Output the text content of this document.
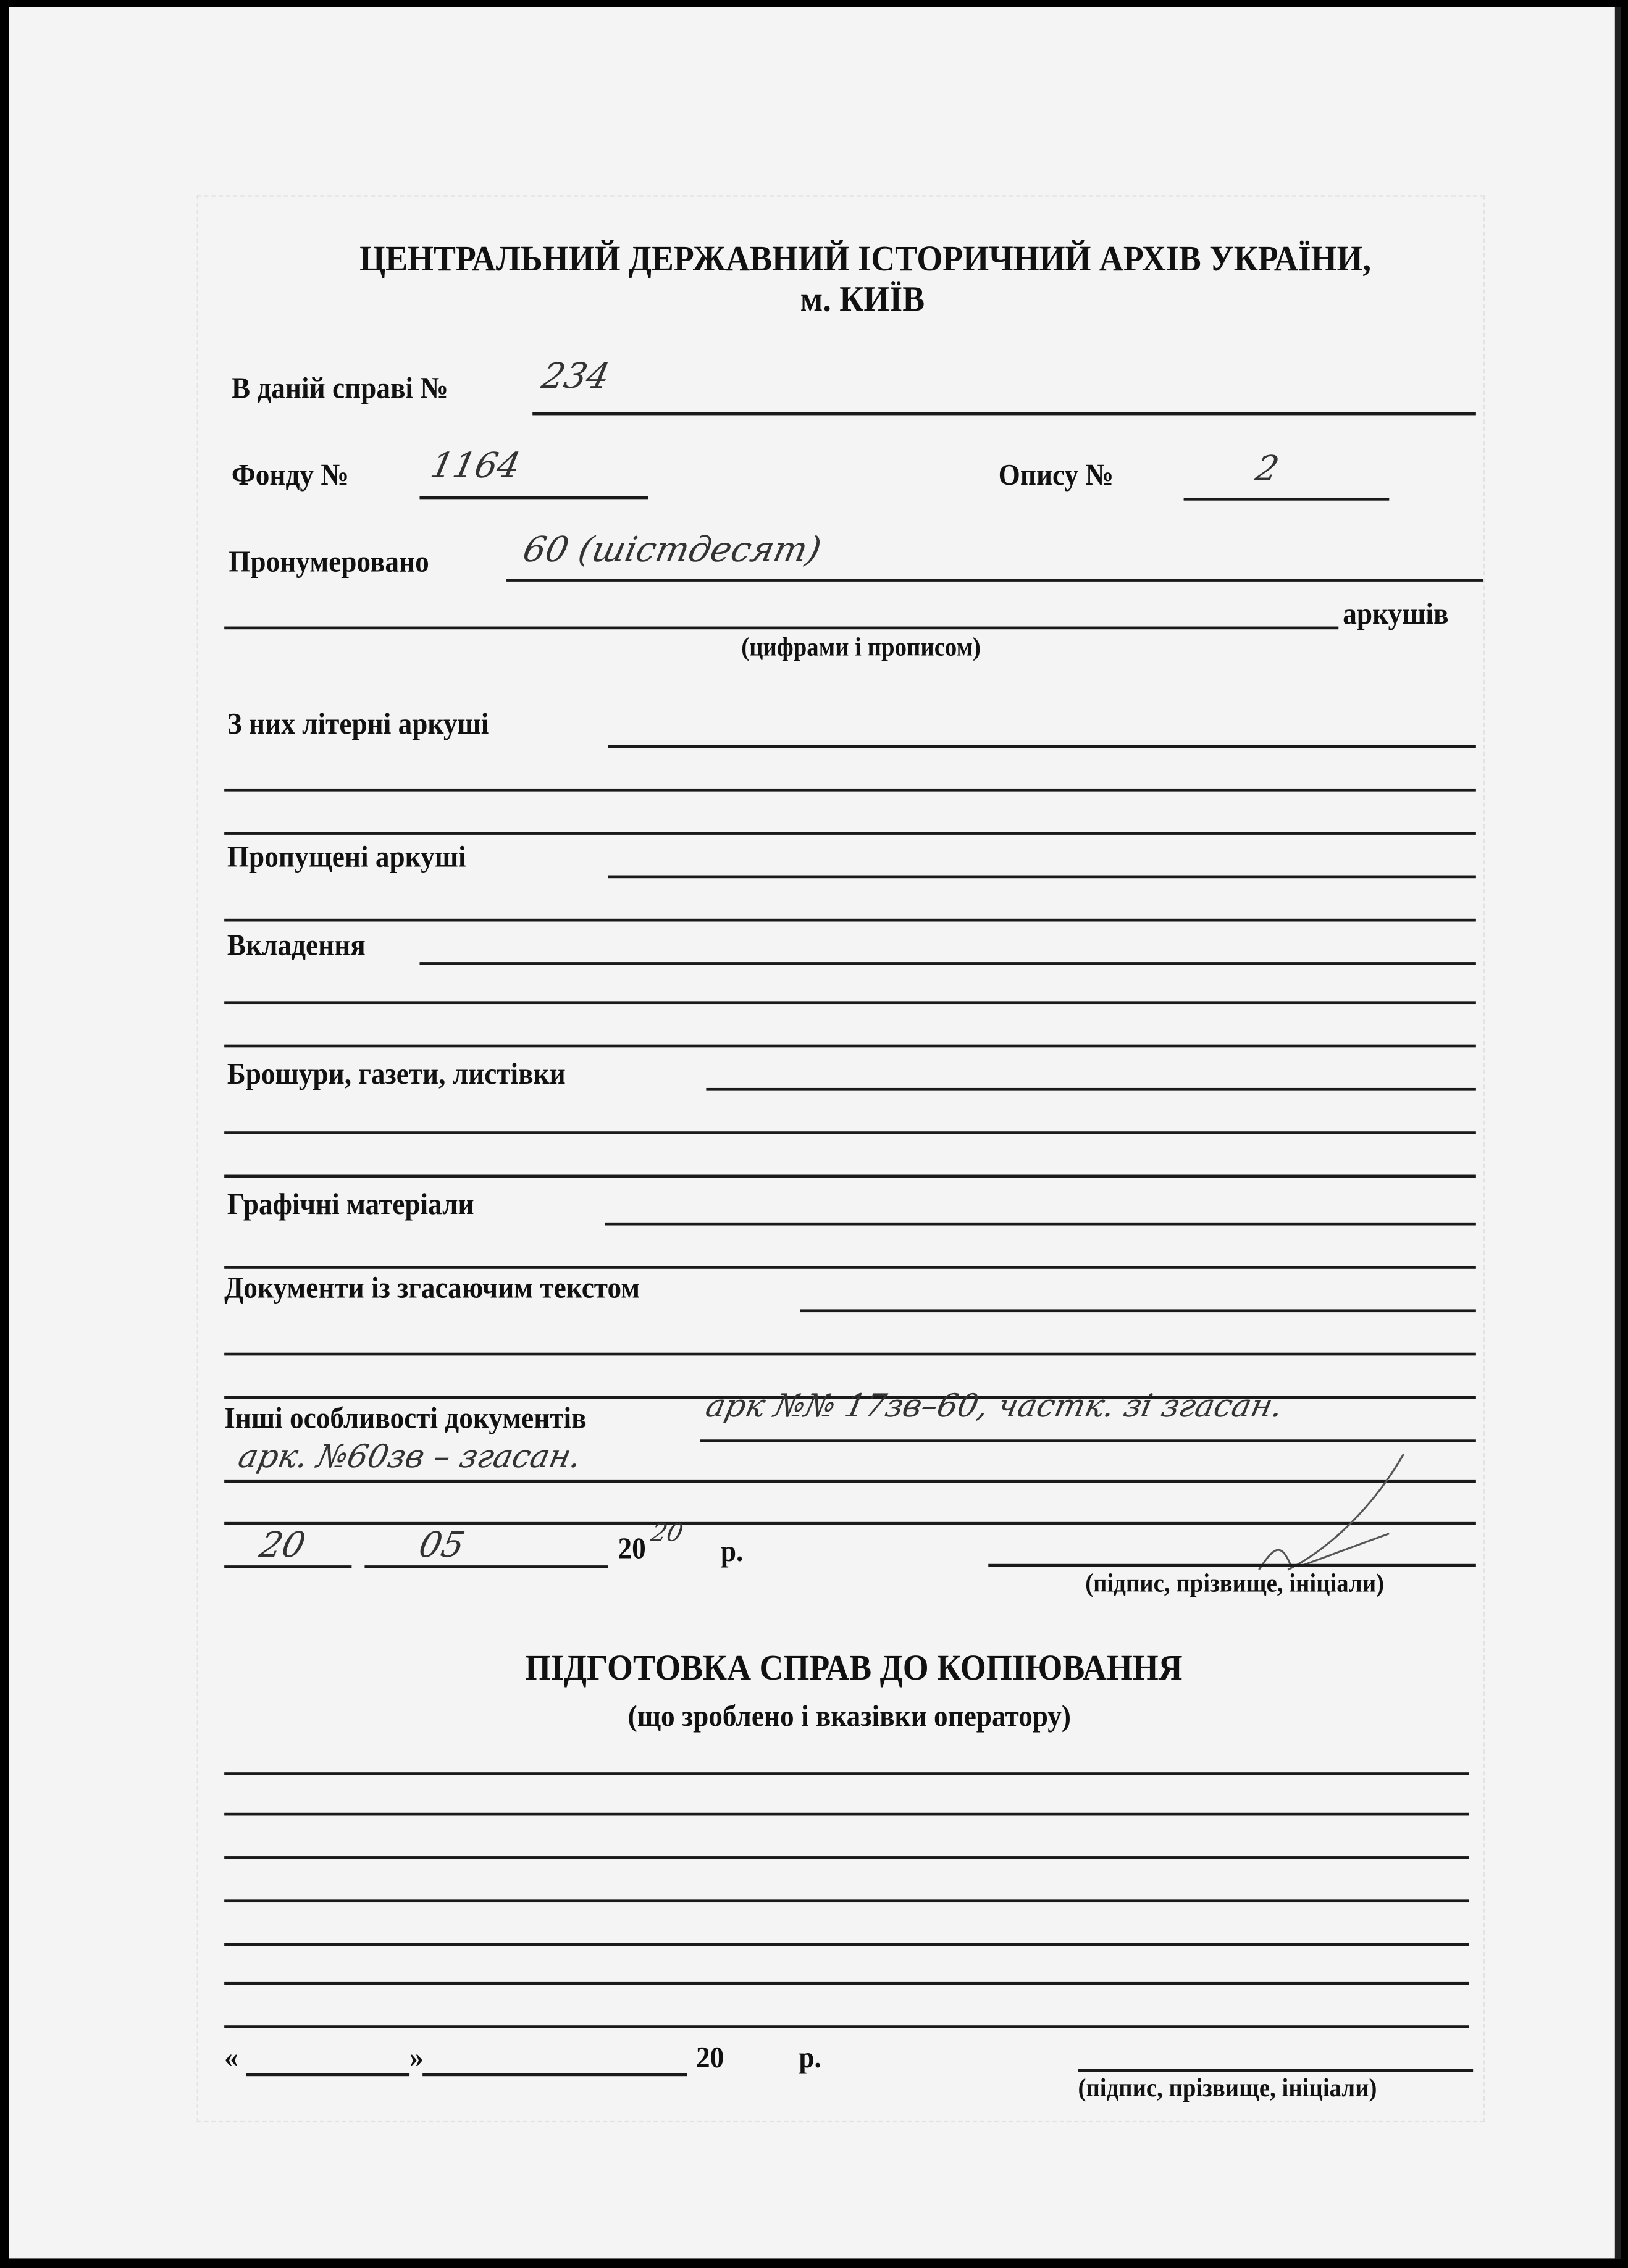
ЦЕНТРАЛЬНИЙ ДЕРЖАВНИЙ ІСТОРИЧНИЙ АРХІВ УКРАЇНИ,
м. КИЇВ
В даній справі №	234
Фонду №	1164	Опису №	2
Пронумеровано	60 (шістдесят)
аркушів
(цифрами і прописом)
З них літерні аркуші
Пропущені аркуші
Вкладення
Брошури, газети, листівки
Графічні матеріали
Документи із згасаючим текстом
Інші особливості документів	арк №№ 17зв–60, частк. зі згасан.
арк. №60зв – згасан.
20	05	20 20	р.
(підпис, прізвище, ініціали)
ПІДГОТОВКА СПРАВ ДО КОПІЮВАННЯ
(що зроблено і вказівки оператору)
«	»	20	р.
(підпис, прізвище, ініціали)
